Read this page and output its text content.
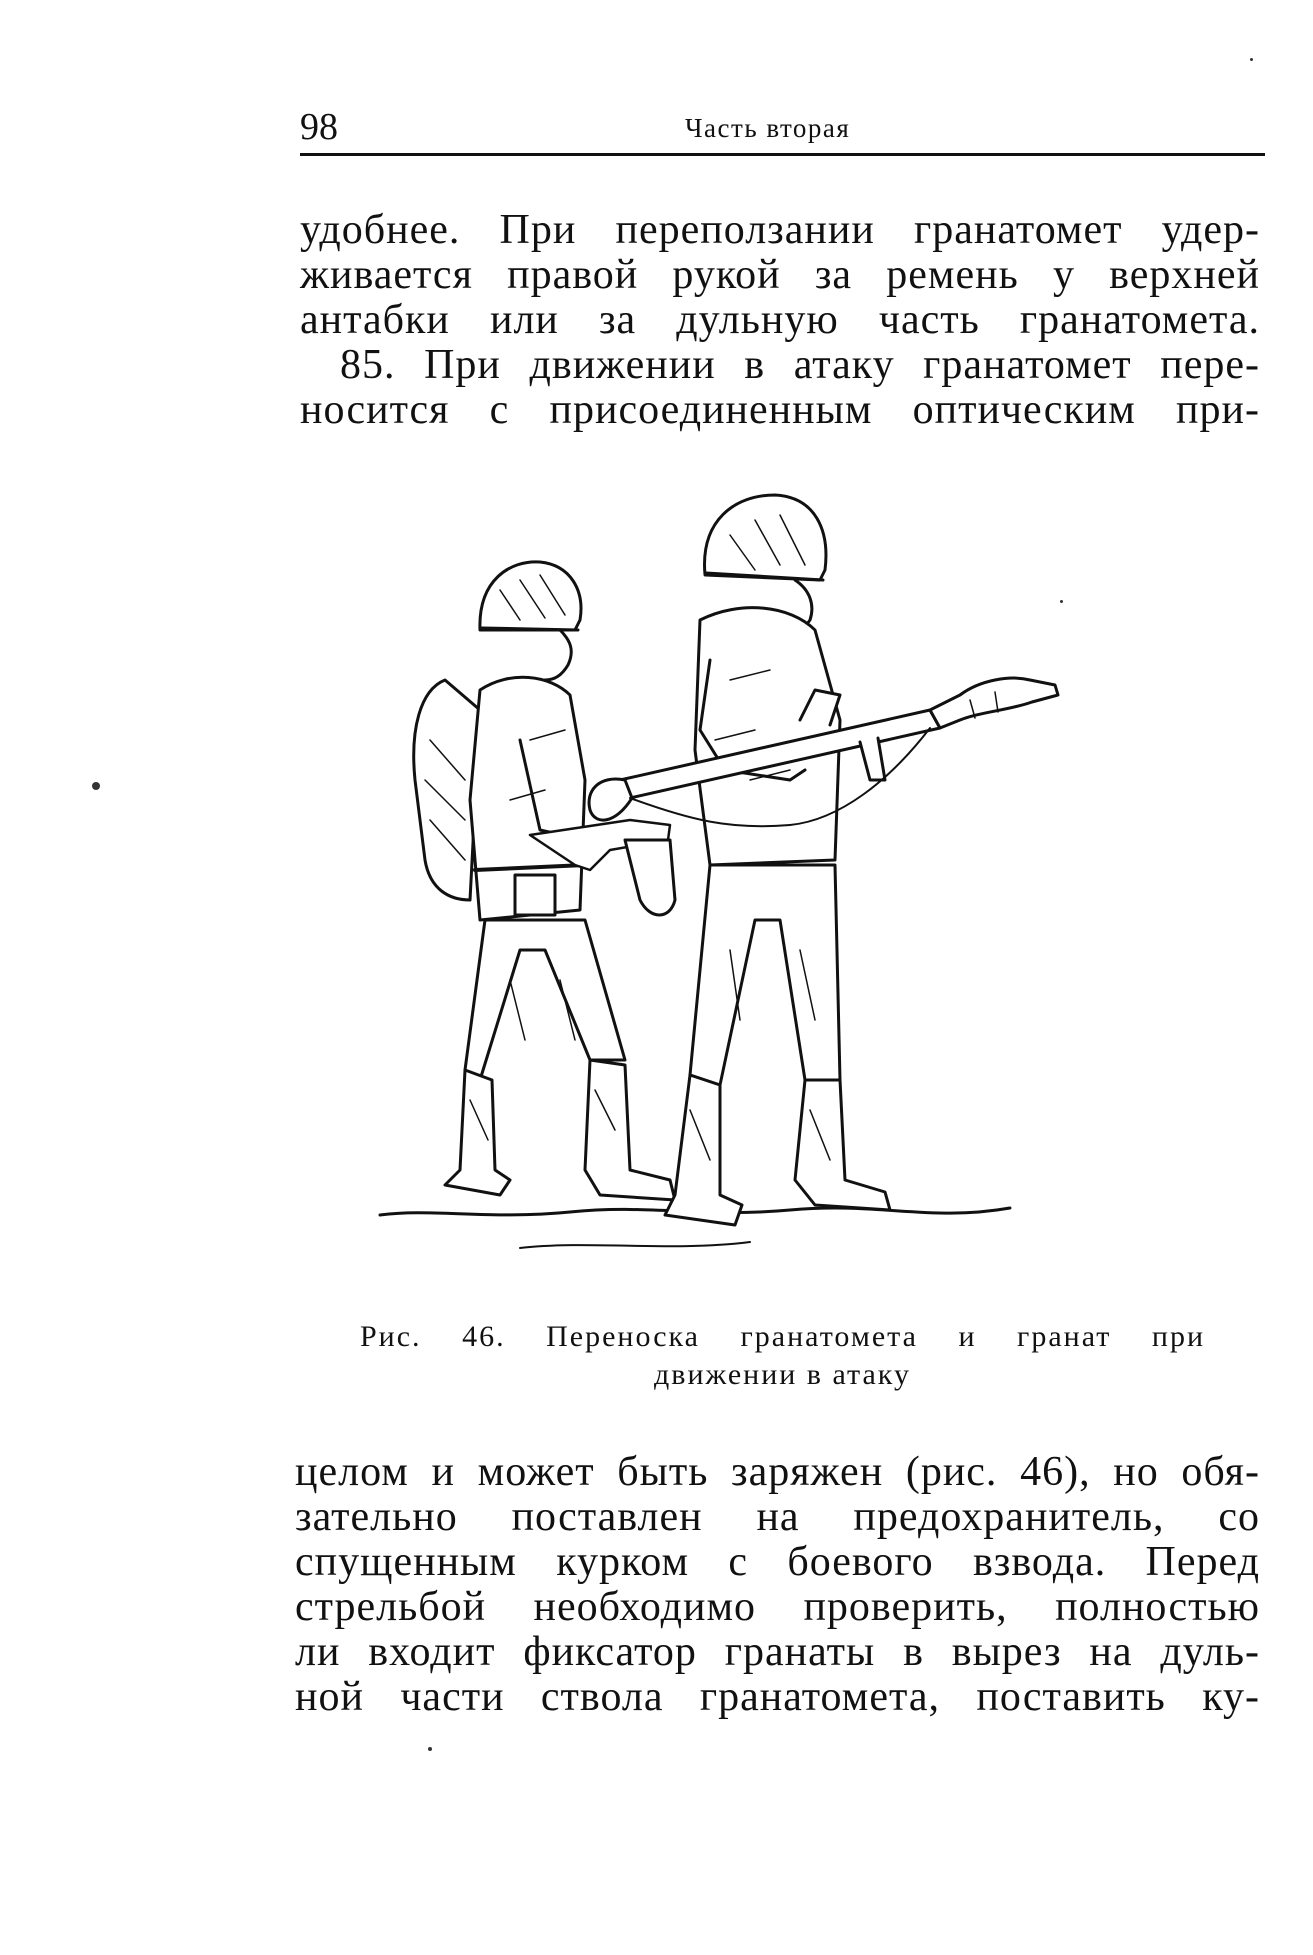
98	Часть вторая
удобнее. При переползании гранатомет удер-
живается правой рукой за ремень у верхней
антабки или за дульную часть гранатомета.
85. При движении в атаку гранатомет пере-
носится с присоединенным оптическим при-
Рис. 46. Переноска гранатомета и гранат при
движении в атаку
целом и может быть заряжен (рис. 46), но обя-
зательно поставлен на предохранитель, со
спущенным курком с боевого взвода. Перед
стрельбой необходимо проверить, полностью
ли входит фиксатор гранаты в вырез на дуль-
ной части ствола гранатомета, поставить ку-
